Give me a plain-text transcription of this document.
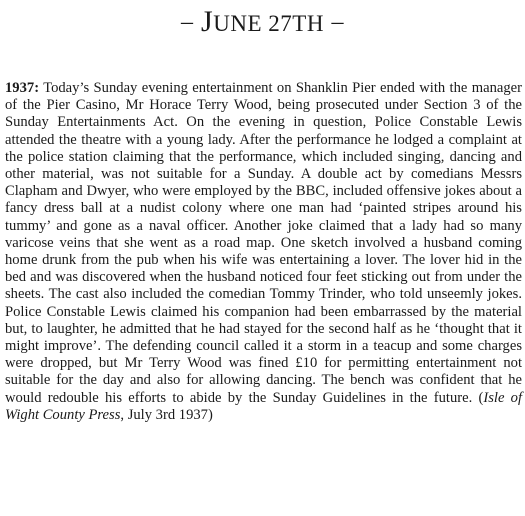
– JUNE 27TH –

1937: Today’s Sunday evening entertainment on Shanklin Pier ended with the manager of the Pier Casino, Mr Horace Terry Wood, being prosecuted under Section 3 of the Sunday Entertainments Act. On the evening in question, Police Constable Lewis attended the theatre with a young lady. After the performance he lodged a complaint at the police station claiming that the performance, which included singing, dancing and other material, was not suitable for a Sunday. A double act by comedians Messrs Clapham and Dwyer, who were employed by the BBC, included offensive jokes about a fancy dress ball at a nudist colony where one man had ‘painted stripes around his tummy’ and gone as a naval officer. Another joke claimed that a lady had so many varicose veins that she went as a road map. One sketch involved a husband coming home drunk from the pub when his wife was entertaining a lover. The lover hid in the bed and was discovered when the husband noticed four feet sticking out from under the sheets. The cast also included the comedian Tommy Trinder, who told unseemly jokes. Police Constable Lewis claimed his companion had been embarrassed by the material but, to laughter, he admitted that he had stayed for the second half as he ‘thought that it might improve’. The defending council called it a storm in a teacup and some charges were dropped, but Mr Terry Wood was fined £10 for permitting entertainment not suitable for the day and also for allowing dancing. The bench was confident that he would redouble his efforts to abide by the Sunday Guidelines in the future. (Isle of Wight County Press, July 3rd 1937)
